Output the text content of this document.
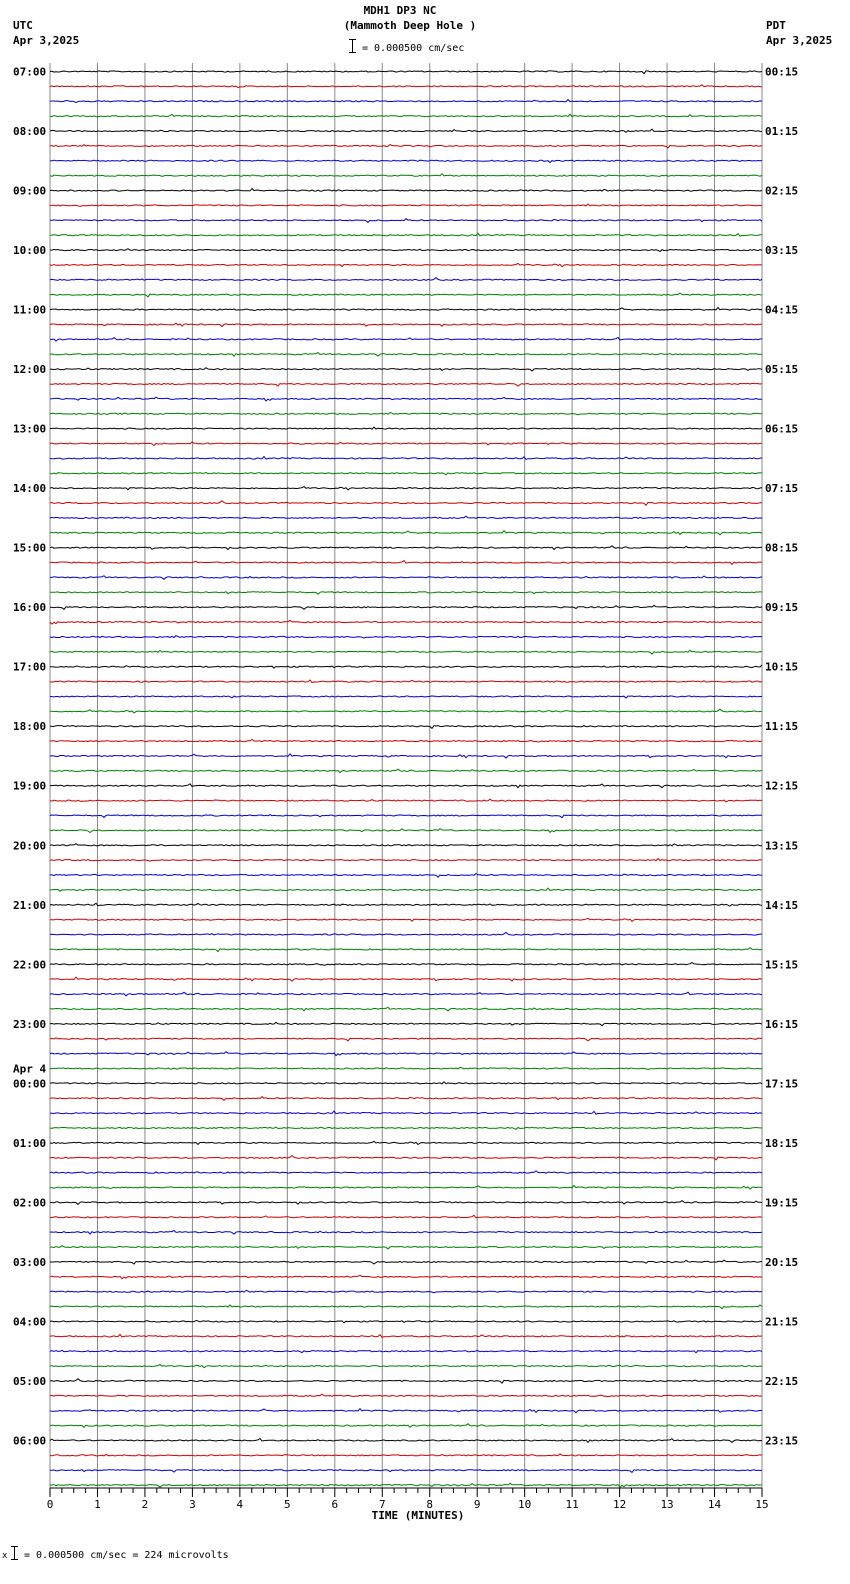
MDH1 DP3 NC
(Mammoth Deep Hole )
= 0.000500 cm/sec
UTC
Apr 3,2025
PDT
Apr 3,2025
0	1	2	3	4	5	6	7	8	9	10	11	12	13	14	15
07:00
08:00
09:00
10:00
11:00
12:00
13:00
14:00
15:00
16:00
17:00
18:00
19:00
20:00
21:00
22:00
23:00
00:00
01:00
02:00
03:00
04:00
05:00
06:00
00:15
01:15
02:15
03:15
04:15
05:15
06:15
07:15
08:15
09:15
10:15
11:15
12:15
13:15
14:15
15:15
16:15
17:15
18:15
19:15
20:15
21:15
22:15
23:15
Apr 4
TIME (MINUTES)
x = 0.000500 cm/sec = 224 microvolts
